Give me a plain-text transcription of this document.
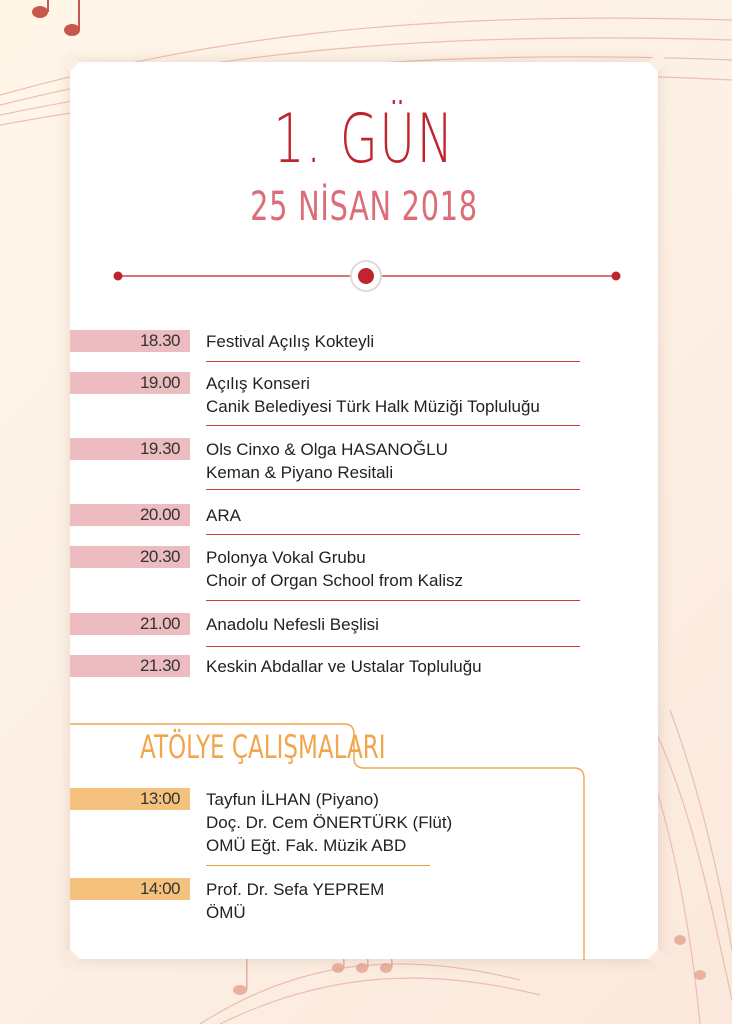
1. GÜN
25 NİSAN 2018
18.30 Festival Açılış Kokteyli
19.00 Açılış Konseri
Canik Belediyesi Türk Halk Müziği Topluluğu
19.30 Ols Cinxo & Olga HASANOĞLU
Keman & Piyano Resitali
20.00 ARA
20.30 Polonya Vokal Grubu
Choir of Organ School from Kalisz
21.00 Anadolu Nefesli Beşlisi
21.30 Keskin Abdallar ve Ustalar Topluluğu
ATÖLYE ÇALIŞMALARI
13:00 Tayfun İLHAN (Piyano)
Doç. Dr. Cem ÖNERTÜRK (Flüt)
OMÜ Eğt. Fak. Müzik ABD
14:00 Prof. Dr. Sefa YEPREM
ÖMÜ
